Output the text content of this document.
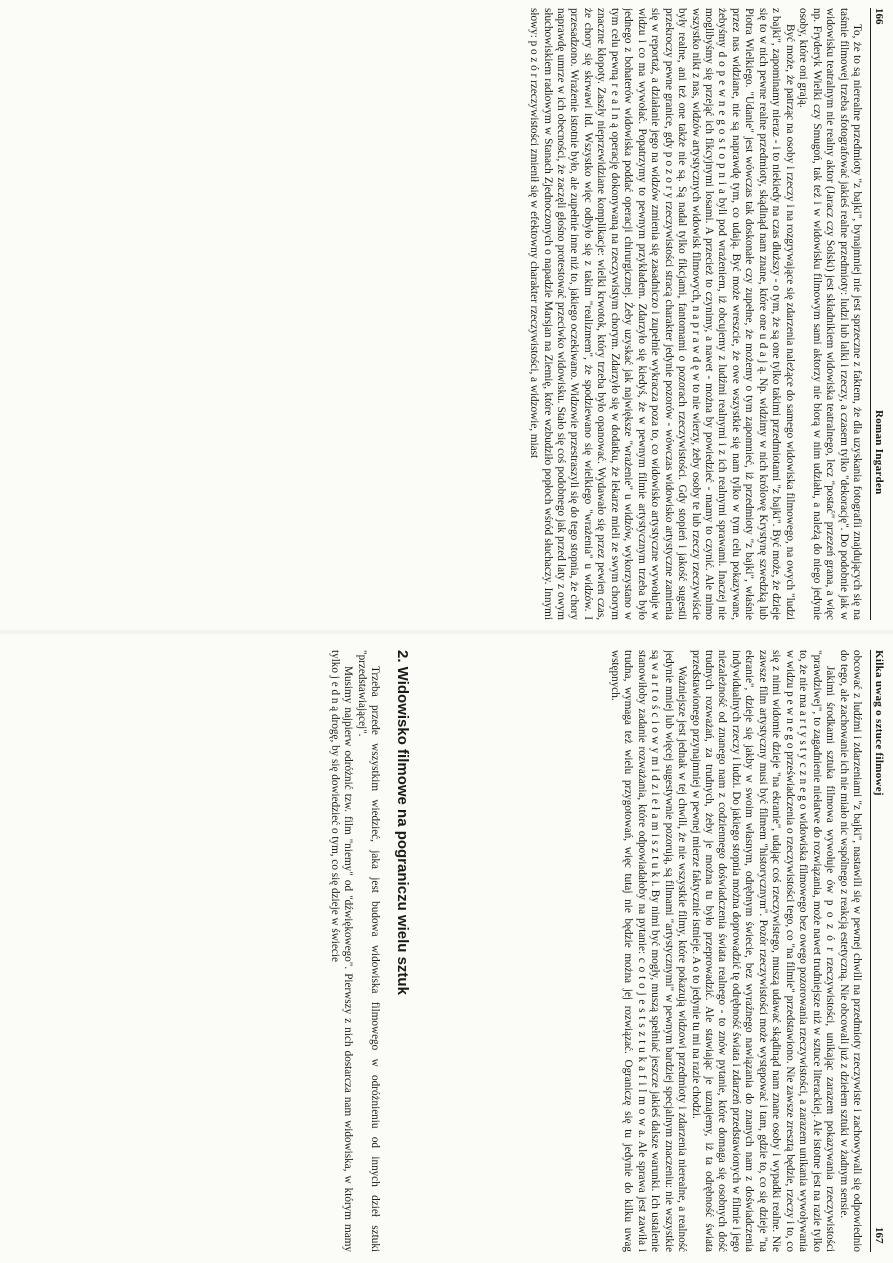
166
Roman Ingarden

To, że to są nierealne przedmioty "z bajki", bynajmniej nie jest sprzeczne z faktem, że dla uzyskania fotografii znajdujących się na taśmie filmowej trzeba sfotografować jakieś realne przedmioty: ludzi lub lalki i rzeczy, a czasem tylko "dekorację". Do podobnie jak w widowisku teatralnym nie realny aktor (Jaracz czy Solski) jest składnikiem widowiska teatralnego, lecz "postać" przezeń grana, a więc np. Fryderyk Wielki czy Smugoń, tak też i w widowisku filmowym sami aktorzy nie biorą w nim udziału, a należą do niego jedynie osoby, które oni grają.

Być może, że patrząc na osoby i rzeczy i na rozgrywające się zdarzenia należące do samego widowiska filmowego, na owych "ludzi z bajki", zapominamy nieraz - i to niekiedy na czas dłuższy - o tym, że są one tylko takimi przedmiotami "z bajki". Być może, że dzieje się to w nich pewne realne przedmioty, skądinąd nam znane, które one u d a j ą. Np. widzimy w nich królowę Krystynę szwedzką lub Piotra Wielkiego. "Udanie" jest wówczas tak doskonałe czy zupełne, że możemy o tym zapomnieć, iż przedmioty "z bajki", właśnie przez nas widziane, nie są naprawdę tym, co udają. Być może wreszcie, że owe wszystkie się nam tylko w tym celu pokazywane, żebyśmy d o p e w n e g o s t o p n i a byli pod wrażeniem, iż obcujemy z ludźmi realnymi i z ich realnymi sprawami. Inaczej nie moglibyśmy się przejąć ich fikcyjnymi losami. A przecież to czynimy, a nawet - można by powiedzieć - mamy to czynić. Ale mimo wszystko nikt z nas, widzów artystycznych widowisk filmowych, n a p r a w d ę w to nie wierzy, żeby osoby te lub rzeczy rzeczywiście były realne, ani też one także nie są. Są nadal tylko fikcjami, fantomami o pozorach rzeczywistości. Gdy stopień i jakość sugestii przekroczy pewne granice, gdy p o z o r y rzeczywistości stracą charakter jedynie pozorów - wówczas widowisko artystyczne zamienia się w reportaż, a działanie jego na widzów zmienia się zasadniczo i zupełnie wykracza poza to, co widowisko artystyczne wywołuje w widzu i co ma wywołać. Popatrzymy to pewnym przykładem. Zdarzyło się kiedyś, że w pewnym filmie artystycznym trzeba było jednego z bohaterów widowiska poddać operacji chirurgicznej. Żeby uzyskać jak największe "wrażenie" u widzów, wykorzystano w tym celu pewną r e a l n ą operację dokonywaną na rzeczywistym chorym. Zdarzyło się w dodatku, że lekarze mieli ze swym chorym znaczne kłopoty. Zaszły nieprzewidziane komplikacje: wielki krwotok, który trzeba było opanować. Wydawało się przez pewien czas, że chory się skrwawi itd. Wszystko więc odbyło się z takim "realizmem", że spodziewano się wielkiego "wrażenia" u widzów. I przesadzono. Wrażenie istotnie było, ale zupełnie inne niż to, jakiego oczekiwano. Widzowie przestraszyli się do tego stopnia, że chory naprawdę umrze w ich obecności, że zaczęli głośno protestować przeciwko widowisku. Stało się coś podobnego jak przed laty z owym słuchowiskiem radiowym w Stanach Zjednoczonych o napadzie Marsjan na Ziemię, które wzbudziło popłoch wśród słuchaczy. Innymi słowy: p o z ó r rzeczywistości zmienił się w efektowny charakter rzeczywistości, a widzowie, miast

Kilka uwag o sztuce filmowej
167

obcować z ludźmi i zdarzeniami "z bajki", nastawili się w pewnej chwili na przedmioty rzeczywiste i zachowywali się odpowiednio do tego, ale zachowanie ich nie miało nic wspólnego z reakcją estetyczną. Nie obcowali już z dziełem sztuki w żadnym sensie.

Jakimi środkami sztuka filmowa wywołuje ów p o z ó r rzeczywistości, unikając zarazem pokazywania rzeczywistości "prawdziwej", to zagadnienie niełatwe do rozwiązania, może nawet trudniejsze niż w sztuce literackiej. Ale istotne jest na razie tylko to, że nie ma a r t y s t y c z n e g o widowiska filmowego bez owego pozorowania rzeczywistości, a zarazem unikania wywoływania w widzu p e w n e g o przeświadczenia o rzeczywistości tego, co "na filmie" przedstawiono. Nie zawsze zresztą będzie, rzeczy i to, co się z nimi widomie dzieje "na ekranie", udając coś rzeczywistego, muszą udawać skądinąd nam znane osoby i wypadki realne. Nie zawsze film artystyczny musi być filmem "historycznym". Pozór rzeczywistości może występować i tam, gdzie to, co się dzieje "na ekranie", dzieje się jakby w swoim własnym, odrębnym świecie, bez wyraźnego nawiązania do znanych nam z doświadczenia indywidualnych rzeczy i ludzi. Do jakiego stopnia można doprowadzić tę odrębność świata i zdarzeń przedstawionych w filmie i jego niezależność od znanego nam z codziennego doświadczenia świata realnego - to znów pytanie, które domaga się osobnych dość trudnych rozważań, za trudnych, żeby je można tu było przeprowadzić. Ale stawiając je uznajemy, iż ta odrębność świata przedstawionego przynajmniej w pewnej mierze faktycznie istnieje. A o to jedynie tu mi na razie chodzi.

Ważniejsze jest jednak w tej chwili, że nie wszystkie filmy, które pokazują widzowi przedmioty i zdarzenia nierealne, a realność jedynie mniej lub więcej sugestywnie pozorują, są filmami "artystycznymi" w pewnym bardziej specjalnym znaczeniu: nie wszystkie są w a r t o ś c i o w y m i d z i e ł a m i s z t u k i. By nimi być mogły, muszą spełniać jeszcze jakieś dalsze warunki. Ich ustalenie stanowiłoby zadanie rozważania, które odpowiadałoby na pytanie: c o t o j e s t s z t u k a f i l m o w a. Ale sprawa jest zawiła i trudna, wymaga też wielu przygotowań, więc tutaj nie będzie można jej rozwiązać. Ograniczę się tu jedynie do kilku uwag wstępnych.

2. Widowisko filmowe na pograniczu wielu sztuk

Trzeba przede wszystkim wiedzieć, jaka jest budowa widowiska filmowego w odróżnieniu od innych dzieł sztuki "przedstawiającej".

Musimy najpierw odróżnić tzw. film "niemy" od "dźwiękowego". Pierwszy z nich dostarcza nam widowiska, w którym mamy tylko j e d n ą drogę, by się dowiedzieć o tym, co się dzieje w świecie
